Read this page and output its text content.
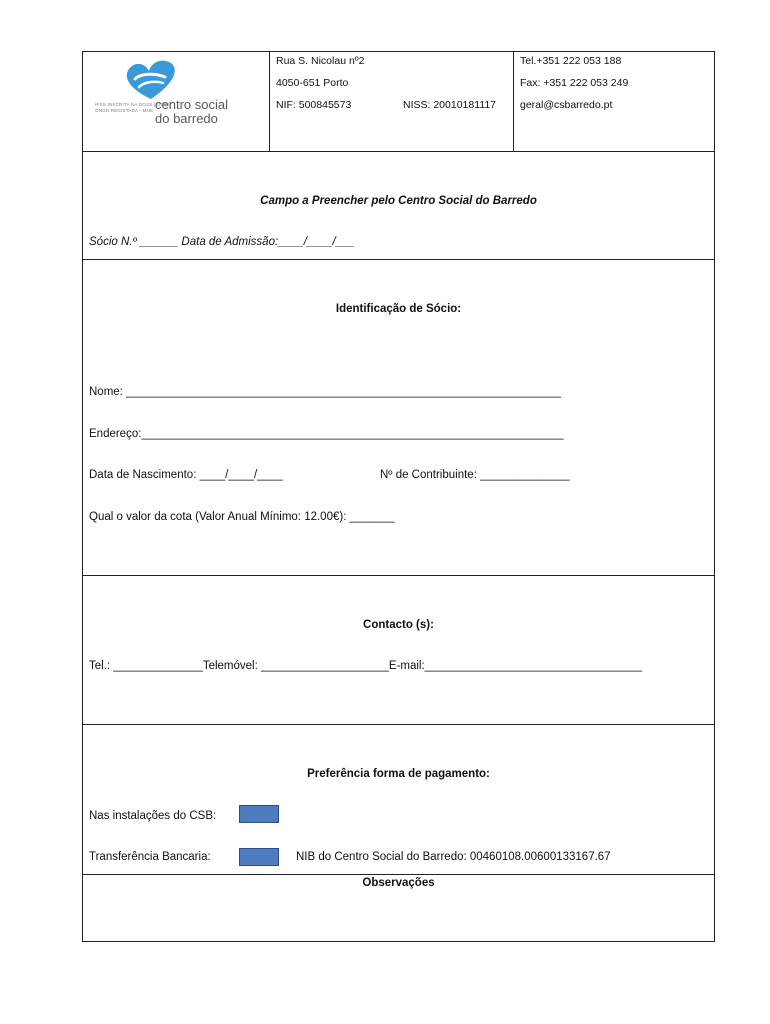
IPSS INSCRITA NA DGSS (#2008)
ONGD REGISTADA - MNE centro social
do barredo
Rua S. Nicolau nº2
4050-651 Porto
NIF: 500845573	NISS: 20010181117
Tel.+351 222 053 188
Fax: +351 222 053 249
geral@csbarredo.pt
Campo a Preencher pelo Centro Social do Barredo
Sócio N.º ______ Data de Admissão:____/____/___
Identificação de Sócio:
Nome: ____________________________________________________________________
Endereço:__________________________________________________________________
Data de Nascimento: ____/____/____	Nº de Contribuinte: ______________
Qual o valor da cota (Valor Anual Mínimo: 12.00€): _______
Contacto (s):
Tel.: ______________Telemóvel: ____________________E-mail:__________________________________
Preferência forma de pagamento:
Nas instalações do CSB:
Transferência Bancaria:	NIB do Centro Social do Barredo: 00460108.00600133167.67
Observações
